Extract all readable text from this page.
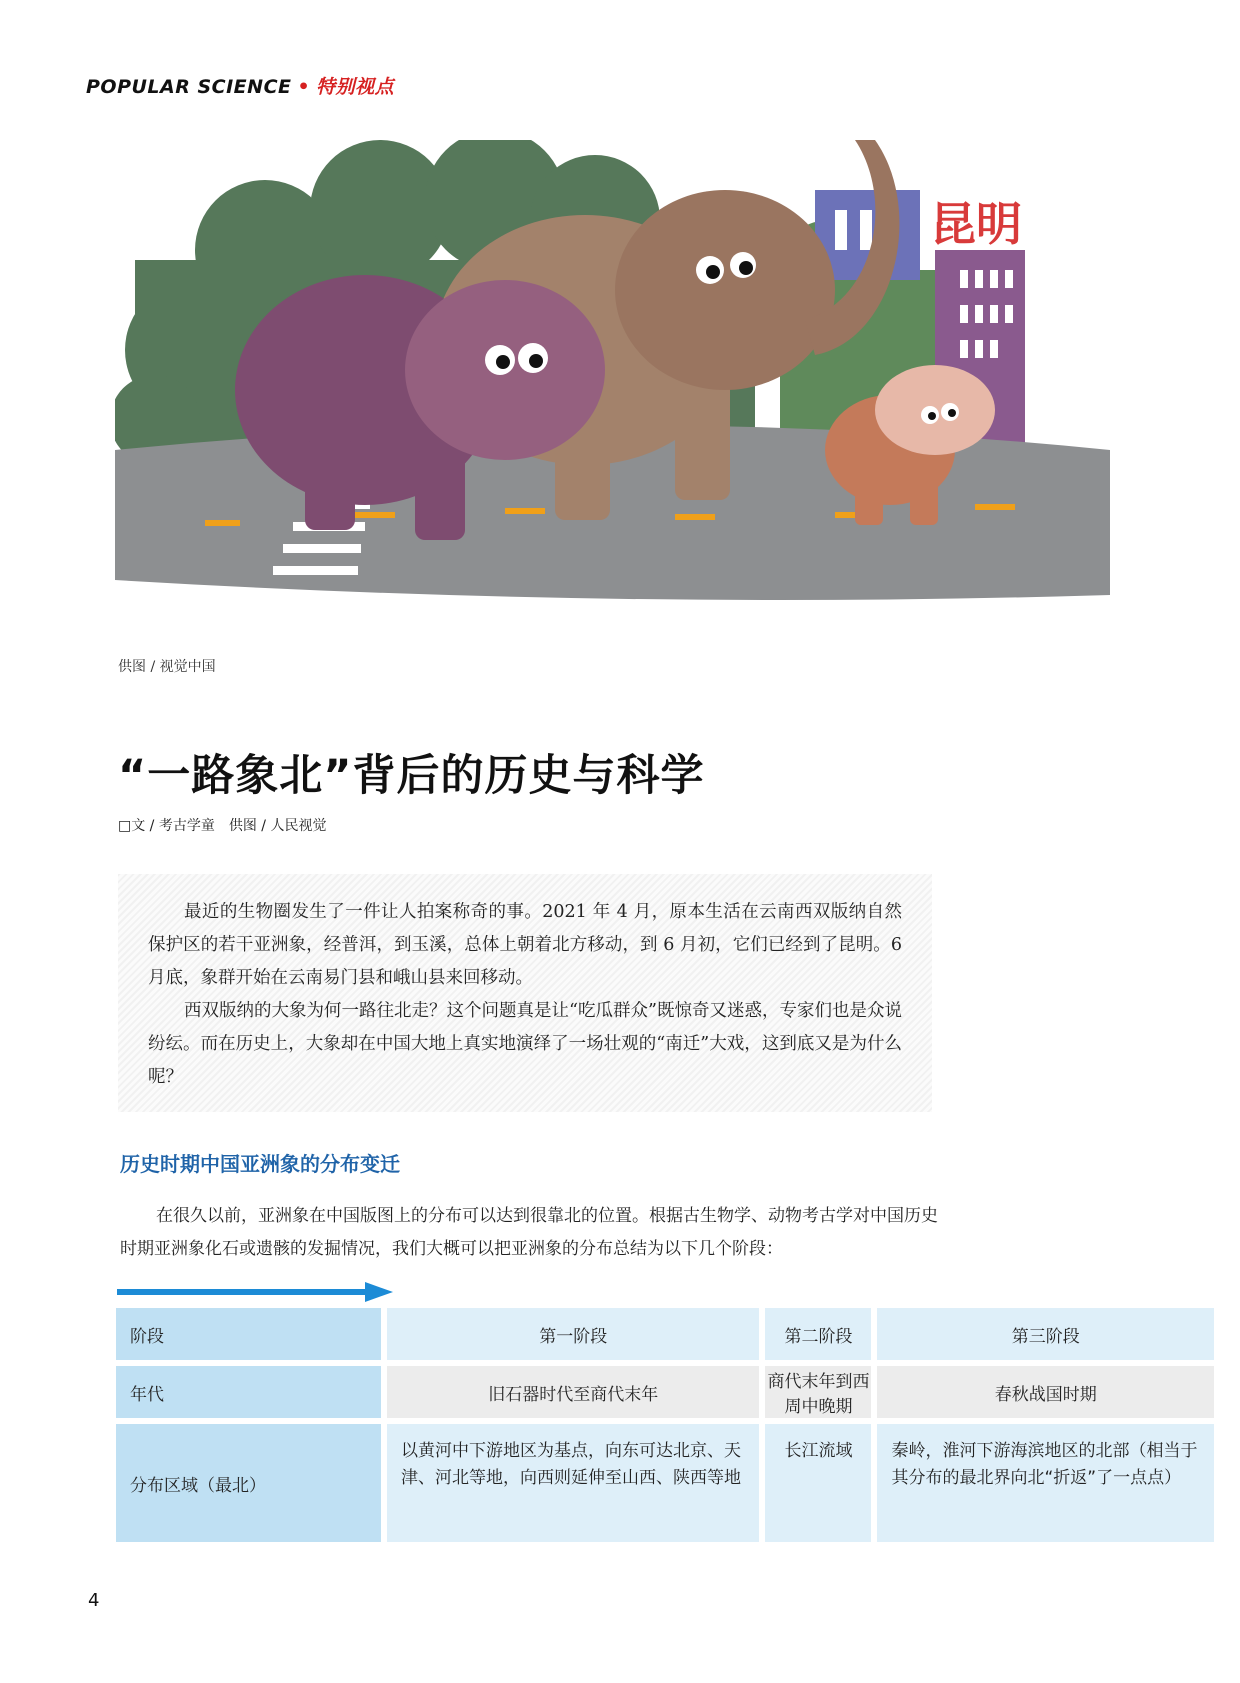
POPULAR SCIENCE • 特别视点
昆明
供图 / 视觉中国
“一路象北”背后的历史与科学
□文 / 考古学童　供图 / 人民视觉

最近的生物圈发生了一件让人拍案称奇的事。2021 年 4 月，原本生活在云南西双版纳自然保护区的若干亚洲象，经普洱，到玉溪，总体上朝着北方移动，到 6 月初，它们已经到了昆明。6 月底，象群开始在云南易门县和峨山县来回移动。

西双版纳的大象为何一路往北走？这个问题真是让“吃瓜群众”既惊奇又迷惑，专家们也是众说纷纭。而在历史上，大象却在中国大地上真实地演绎了一场壮观的“南迁”大戏，这到底又是为什么呢？

历史时期中国亚洲象的分布变迁
在很久以前，亚洲象在中国版图上的分布可以达到很靠北的位置。根据古生物学、动物考古学对中国历史时期亚洲象化石或遗骸的发掘情况，我们大概可以把亚洲象的分布总结为以下几个阶段：
阶段	第一阶段	第二阶段	第三阶段
年代	旧石器时代至商代末年	商代末年到西周中晚期	春秋战国时期
分布区域（最北）	以黄河中下游地区为基点，向东可达北京、天津、河北等地，向西则延伸至山西、陕西等地	长江流域	秦岭，淮河下游海滨地区的北部（相当于其分布的最北界向北“折返”了一点点）
4
